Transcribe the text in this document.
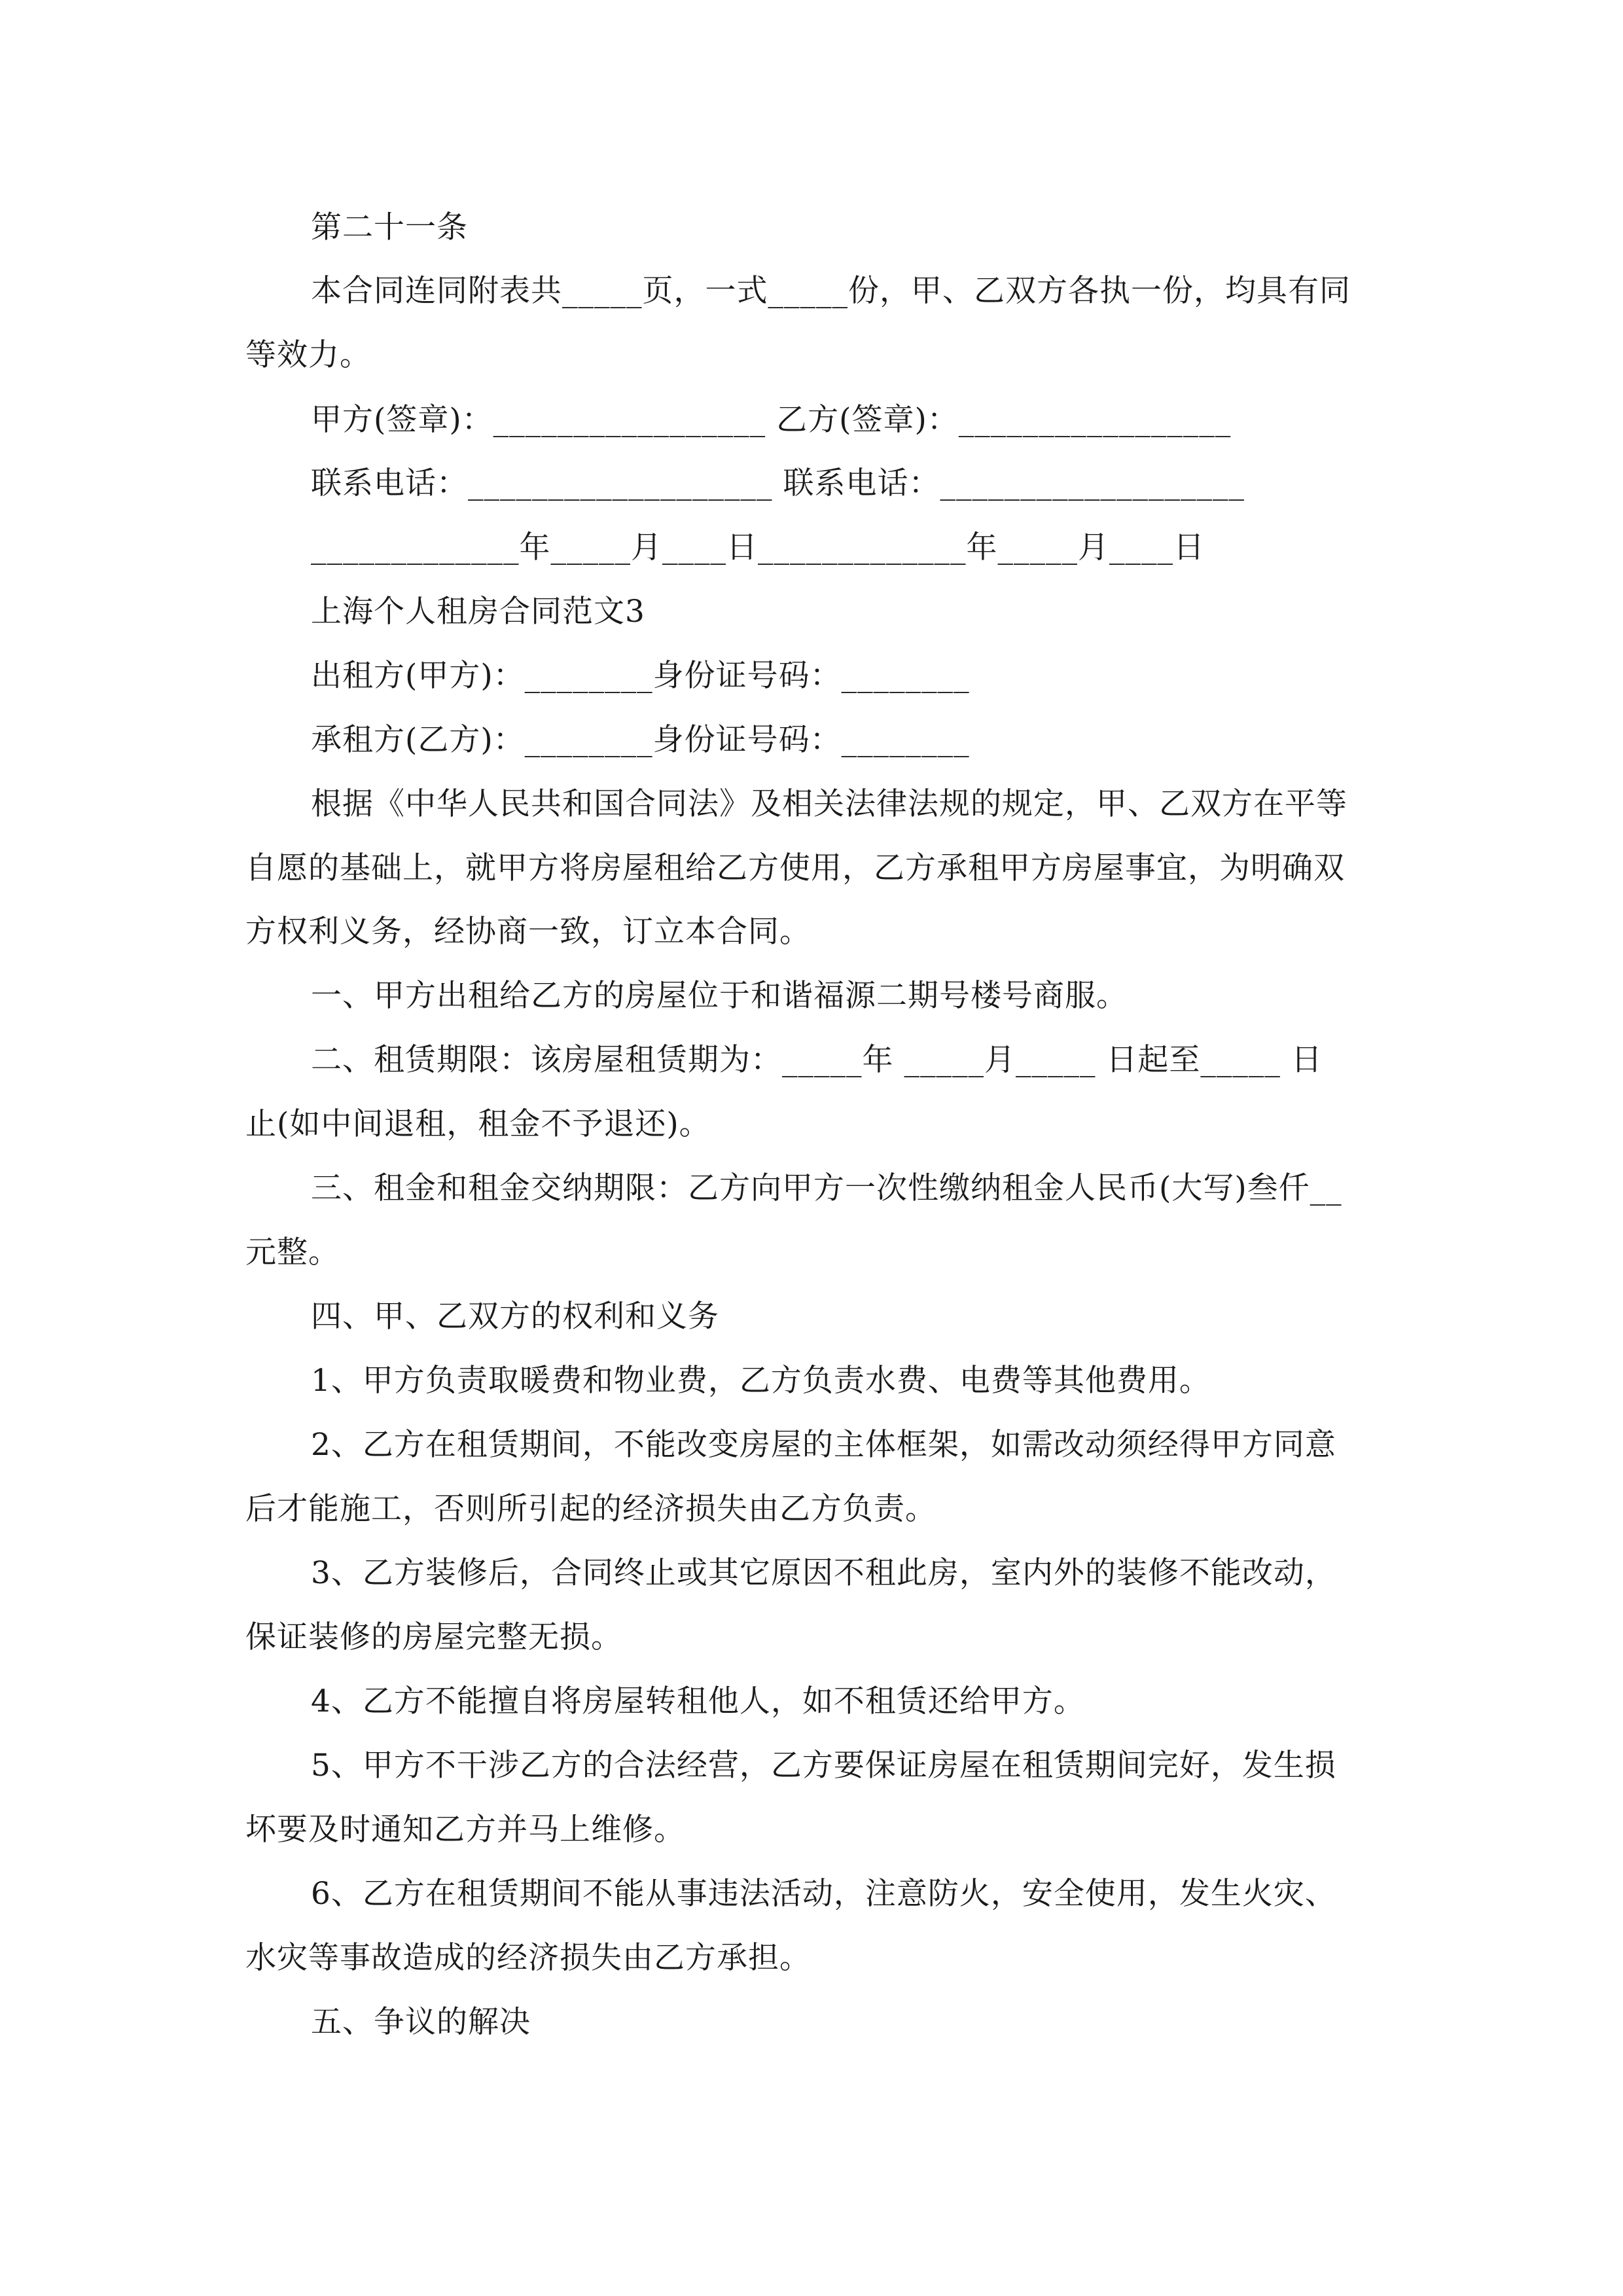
第二十一条
本合同连同附表共_____页，一式_____份，甲、乙双方各执一份，均具有同
等效力。
甲方(签章)：_________________ 乙方(签章)：_________________
联系电话：___________________ 联系电话：___________________
_____________年_____月____日_____________年_____月____日
上海个人租房合同范文3
出租方(甲方)：________身份证号码：________
承租方(乙方)：________身份证号码：________
根据《中华人民共和国合同法》及相关法律法规的规定，甲、乙双方在平等
自愿的基础上，就甲方将房屋租给乙方使用，乙方承租甲方房屋事宜，为明确双
方权利义务，经协商一致，订立本合同。
一、甲方出租给乙方的房屋位于和谐福源二期号楼号商服。
二、租赁期限：该房屋租赁期为：_____年 _____月_____ 日起至_____ 日
止(如中间退租，租金不予退还)。
三、租金和租金交纳期限：乙方向甲方一次性缴纳租金人民币(大写)叁仟__
元整。
四、甲、乙双方的权利和义务
1、甲方负责取暖费和物业费，乙方负责水费、电费等其他费用。
2、乙方在租赁期间，不能改变房屋的主体框架，如需改动须经得甲方同意
后才能施工，否则所引起的经济损失由乙方负责。
3、乙方装修后，合同终止或其它原因不租此房，室内外的装修不能改动，
保证装修的房屋完整无损。
4、乙方不能擅自将房屋转租他人，如不租赁还给甲方。
5、甲方不干涉乙方的合法经营，乙方要保证房屋在租赁期间完好，发生损
坏要及时通知乙方并马上维修。
6、乙方在租赁期间不能从事违法活动，注意防火，安全使用，发生火灾、
水灾等事故造成的经济损失由乙方承担。
五、争议的解决
